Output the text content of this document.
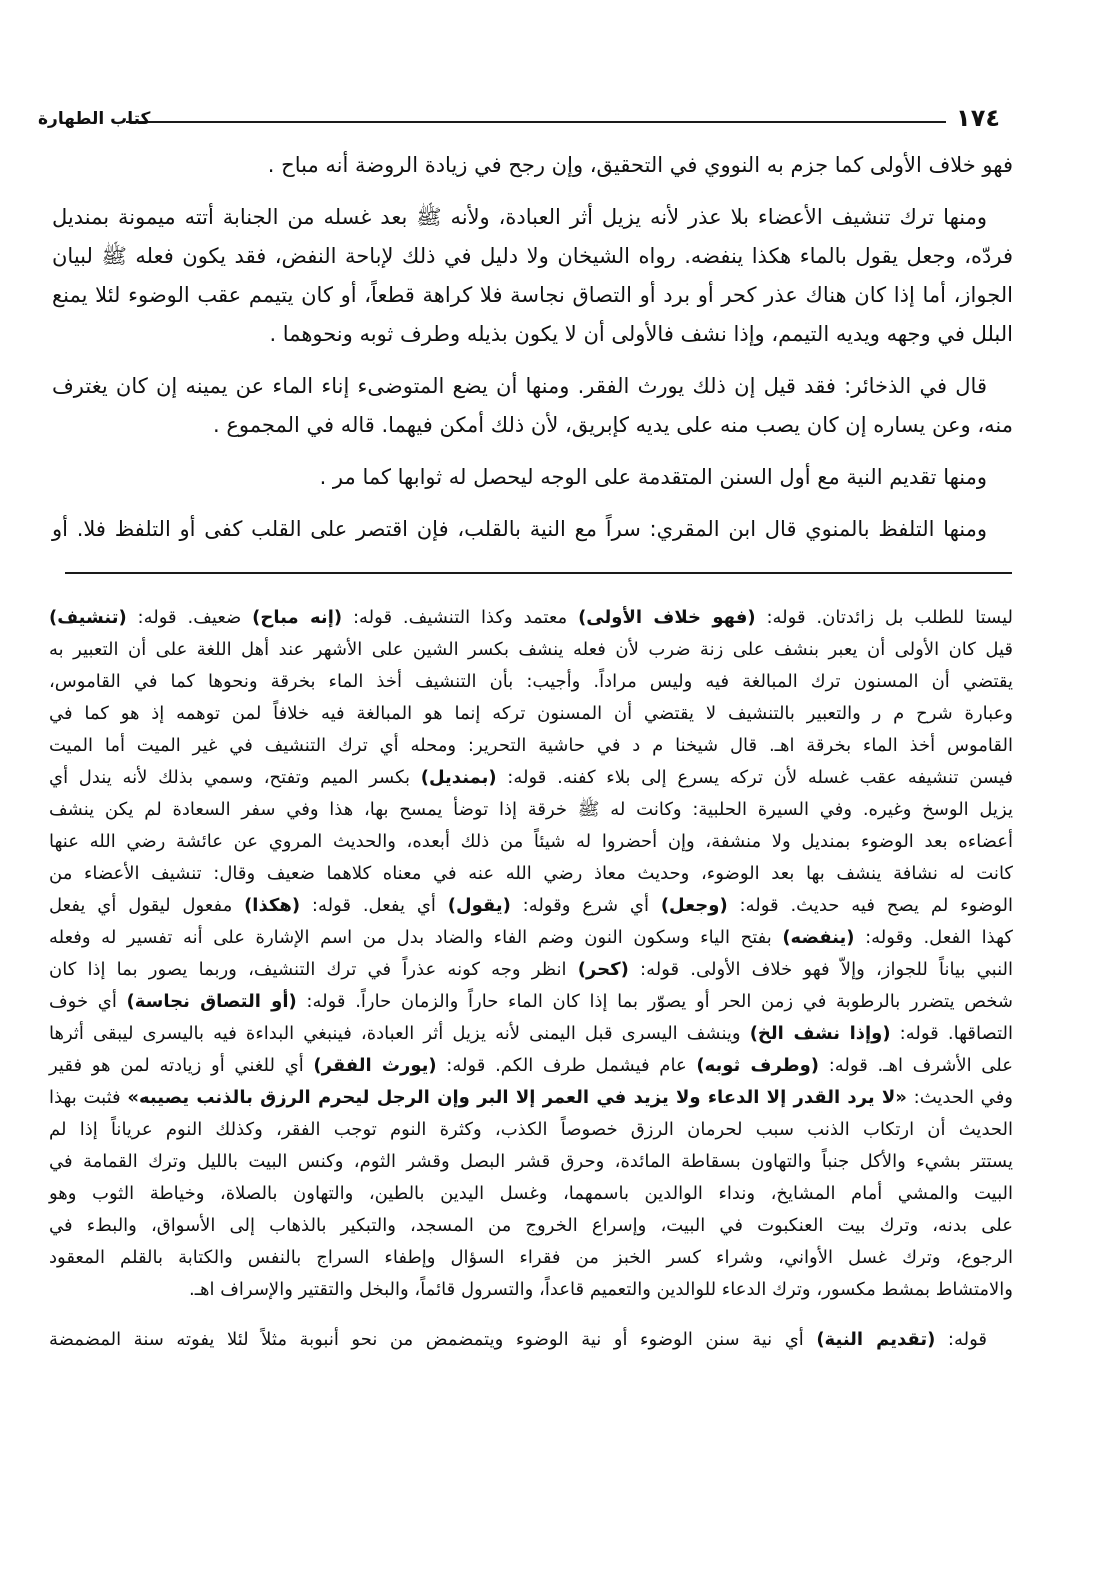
١٧٤
كتاب الطهارة
فهو خلاف الأولى كما جزم به النووي في التحقيق، وإن رجح في زيادة الروضة أنه مباح .
ومنها ترك تنشيف الأعضاء بلا عذر لأنه يزيل أثر العبادة، ولأنه ﷺ بعد غسله من الجنابة أتته ميمونة بمنديل
فردّه، وجعل يقول بالماء هكذا ينفضه. رواه الشيخان ولا دليل في ذلك لإباحة النفض، فقد يكون فعله ﷺ لبيان
الجواز، أما إذا كان هناك عذر كحر أو برد أو التصاق نجاسة فلا كراهة قطعاً، أو كان يتيمم عقب الوضوء لئلا يمنع
البلل في وجهه ويديه التيمم، وإذا نشف فالأولى أن لا يكون بذيله وطرف ثوبه ونحوهما .
قال في الذخائر: فقد قيل إن ذلك يورث الفقر. ومنها أن يضع المتوضىء إناء الماء عن يمينه إن كان يغترف
منه، وعن يساره إن كان يصب منه على يديه كإبريق، لأن ذلك أمكن فيهما. قاله في المجموع .
ومنها تقديم النية مع أول السنن المتقدمة على الوجه ليحصل له ثوابها كما مر .
ومنها التلفظ بالمنوي قال ابن المقري: سراً مع النية بالقلب، فإن اقتصر على القلب كفى أو التلفظ فلا. أو
ليستا للطلب بل زائدتان. قوله: (فهو خلاف الأولى) معتمد وكذا التنشيف. قوله: (إنه مباح) ضعيف. قوله: (تنشيف)
قيل كان الأولى أن يعبر بنشف على زنة ضرب لأن فعله ينشف بكسر الشين على الأشهر عند أهل اللغة على أن التعبير به
يقتضي أن المسنون ترك المبالغة فيه وليس مراداً. وأجيب: بأن التنشيف أخذ الماء بخرقة ونحوها كما في القاموس،
وعبارة شرح م ر والتعبير بالتنشيف لا يقتضي أن المسنون تركه إنما هو المبالغة فيه خلافاً لمن توهمه إذ هو كما في
القاموس أخذ الماء بخرقة اهـ. قال شيخنا م د في حاشية التحرير: ومحله أي ترك التنشيف في غير الميت أما الميت
فيسن تنشيفه عقب غسله لأن تركه يسرع إلى بلاء كفنه. قوله: (بمنديل) بكسر الميم وتفتح، وسمي بذلك لأنه يندل أي
يزيل الوسخ وغيره. وفي السيرة الحلبية: وكانت له ﷺ خرقة إذا توضأ يمسح بها، هذا وفي سفر السعادة لم يكن ينشف
أعضاءه بعد الوضوء بمنديل ولا منشفة، وإن أحضروا له شيئاً من ذلك أبعده، والحديث المروي عن عائشة رضي الله عنها
كانت له نشافة ينشف بها بعد الوضوء، وحديث معاذ رضي الله عنه في معناه كلاهما ضعيف وقال: تنشيف الأعضاء من
الوضوء لم يصح فيه حديث. قوله: (وجعل) أي شرع وقوله: (يقول) أي يفعل. قوله: (هكذا) مفعول ليقول أي يفعل
كهذا الفعل. وقوله: (ينفضه) بفتح الياء وسكون النون وضم الفاء والضاد بدل من اسم الإشارة على أنه تفسير له وفعله
النبي بياناً للجواز، وإلاّ فهو خلاف الأولى. قوله: (كحر) انظر وجه كونه عذراً في ترك التنشيف، وربما يصور بما إذا كان
شخص يتضرر بالرطوبة في زمن الحر أو يصوّر بما إذا كان الماء حاراً والزمان حاراً. قوله: (أو التصاق نجاسة) أي خوف
التصاقها. قوله: (وإذا نشف الخ) وينشف اليسرى قبل اليمنى لأنه يزيل أثر العبادة، فينبغي البداءة فيه باليسرى ليبقى أثرها
على الأشرف اهـ. قوله: (وطرف ثوبه) عام فيشمل طرف الكم. قوله: (يورث الفقر) أي للغني أو زيادته لمن هو فقير
وفي الحديث: «لا يرد القدر إلا الدعاء ولا يزيد في العمر إلا البر وإن الرجل ليحرم الرزق بالذنب يصيبه» فثبت بهذا
الحديث أن ارتكاب الذنب سبب لحرمان الرزق خصوصاً الكذب، وكثرة النوم توجب الفقر، وكذلك النوم عرياناً إذا لم
يستتر بشيء والأكل جنباً والتهاون بسقاطة المائدة، وحرق قشر البصل وقشر الثوم، وكنس البيت بالليل وترك القمامة في
البيت والمشي أمام المشايخ، ونداء الوالدين باسمهما، وغسل اليدين بالطين، والتهاون بالصلاة، وخياطة الثوب وهو
على بدنه، وترك بيت العنكبوت في البيت، وإسراع الخروج من المسجد، والتبكير بالذهاب إلى الأسواق، والبطء في
الرجوع، وترك غسل الأواني، وشراء كسر الخبز من فقراء السؤال وإطفاء السراج بالنفس والكتابة بالقلم المعقود
والامتشاط بمشط مكسور، وترك الدعاء للوالدين والتعميم قاعداً، والتسرول قائماً، والبخل والتقتير والإسراف اهـ.
قوله: (تقديم النية) أي نية سنن الوضوء أو نية الوضوء ويتمضمض من نحو أنبوبة مثلاً لئلا يفوته سنة المضمضة
